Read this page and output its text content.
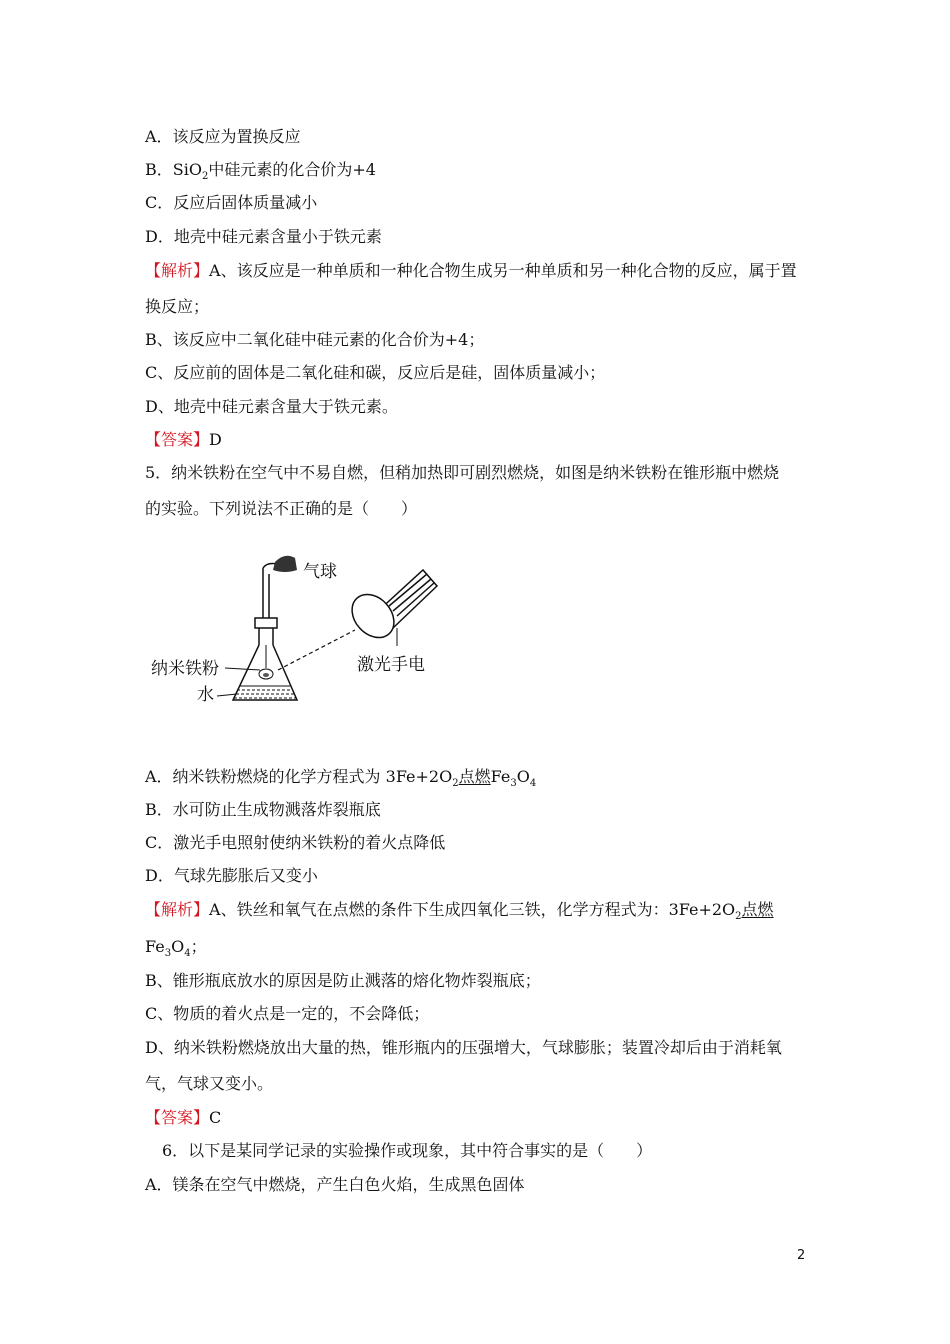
A．该反应为置换反应
B．SiO$_2$中硅元素的化合价为+4
C．反应后固体质量减小
D．地壳中硅元素含量小于铁元素
【解析】A、该反应是一种单质和一种化合物生成另一种单质和另一种化合物的反应，属于置
换反应；
B、该反应中二氧化硅中硅元素的化合价为+4；
C、反应前的固体是二氧化硅和碳，反应后是硅，固体质量减小；
D、地壳中硅元素含量大于铁元素。
【答案】D
5．纳米铁粉在空气中不易自燃，但稍加热即可剧烈燃烧，如图是纳米铁粉在锥形瓶中燃烧
的实验。下列说法不正确的是（　　）
气球
纳米铁粉
水
激光手电
A．纳米铁粉燃烧的化学方程式为 $3Fe+2O_2$点燃$Fe_3O_4$
B．水可防止生成物溅落炸裂瓶底
C．激光手电照射使纳米铁粉的着火点降低
D．气球先膨胀后又变小
【解析】A、铁丝和氧气在点燃的条件下生成四氧化三铁，化学方程式为：$3Fe+2O_2$点燃
$Fe_3O_4$；
B、锥形瓶底放水的原因是防止溅落的熔化物炸裂瓶底；
C、物质的着火点是一定的，不会降低；
D、纳米铁粉燃烧放出大量的热，锥形瓶内的压强增大，气球膨胀；装置冷却后由于消耗氧
气，气球又变小。
【答案】C
6．以下是某同学记录的实验操作或现象，其中符合事实的是（　　）
A．镁条在空气中燃烧，产生白色火焰，生成黑色固体
2
